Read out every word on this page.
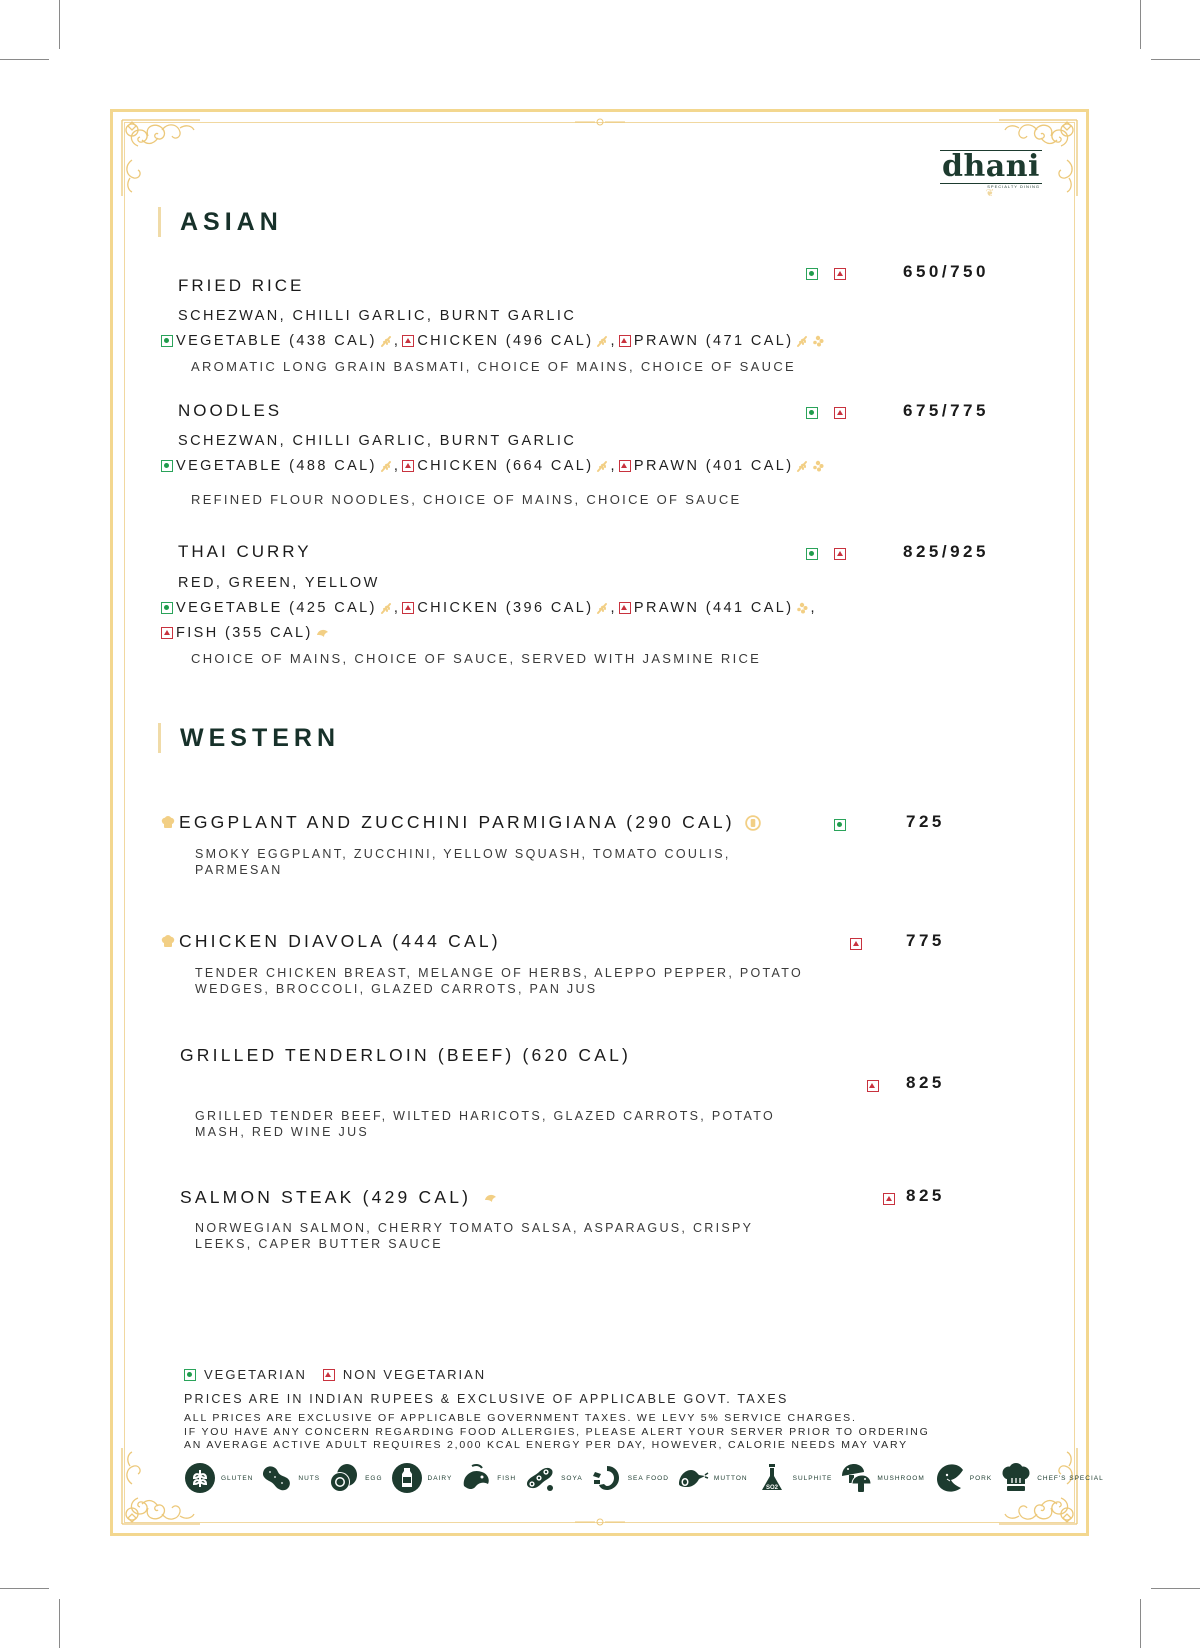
dhani
SPECIALTY DINING
❦
ASIAN
FRIED RICE

650/750
SCHEZWAN, CHILLI GARLIC, BURNT GARLIC
VEGETABLE (438 CAL) , CHICKEN (496 CAL) , PRAWN (471 CAL)
AROMATIC LONG GRAIN BASMATI, CHOICE OF MAINS, CHOICE OF SAUCE
NOODLES
	675/775
SCHEZWAN, CHILLI GARLIC, BURNT GARLIC
VEGETABLE (488 CAL) , CHICKEN (664 CAL) , PRAWN (401 CAL)
REFINED FLOUR NOODLES, CHOICE OF MAINS, CHOICE OF SAUCE
THAI CURRY
	825/925
RED, GREEN, YELLOW
VEGETABLE (425 CAL) , CHICKEN (396 CAL) , PRAWN (441 CAL) ,
FISH (355 CAL)
CHOICE OF MAINS, CHOICE OF SAUCE, SERVED WITH JASMINE RICE
WESTERN
EGGPLANT AND ZUCCHINI PARMIGIANA (290 CAL)
	725
SMOKY EGGPLANT, ZUCCHINI, YELLOW SQUASH, TOMATO COULIS, PARMESAN
CHICKEN DIAVOLA (444 CAL)
	775
TENDER CHICKEN BREAST, MELANGE OF HERBS, ALEPPO PEPPER, POTATO WEDGES, BROCCOLI, GLAZED CARROTS, PAN JUS
GRILLED TENDERLOIN (BEEF) (620 CAL)

825
GRILLED TENDER BEEF, WILTED HARICOTS, GLAZED CARROTS, POTATO MASH, RED WINE JUS
SALMON STEAK (429 CAL)	825
NORWEGIAN SALMON, CHERRY TOMATO SALSA, ASPARAGUS, CRISPY LEEKS, CAPER BUTTER SAUCE
VEGETARIAN	NON VEGETARIAN
PRICES ARE IN INDIAN RUPEES & EXCLUSIVE OF APPLICABLE GOVT. TAXES
ALL PRICES ARE EXCLUSIVE OF APPLICABLE GOVERNMENT TAXES. WE LEVY 5% SERVICE CHARGES.
IF YOU HAVE ANY CONCERN REGARDING FOOD ALLERGIES, PLEASE ALERT YOUR SERVER PRIOR TO ORDERING
AN AVERAGE ACTIVE ADULT REQUIRES 2,000 KCAL ENERGY PER DAY, HOWEVER, CALORIE NEEDS MAY VARY
GLUTEN	NUTS	EGG	DAIRY	FISH	SOYA	SEA FOOD	MUTTON
SO2
SULPHITE	MUSHROOM	PORK	CHEF'S SPECIAL
